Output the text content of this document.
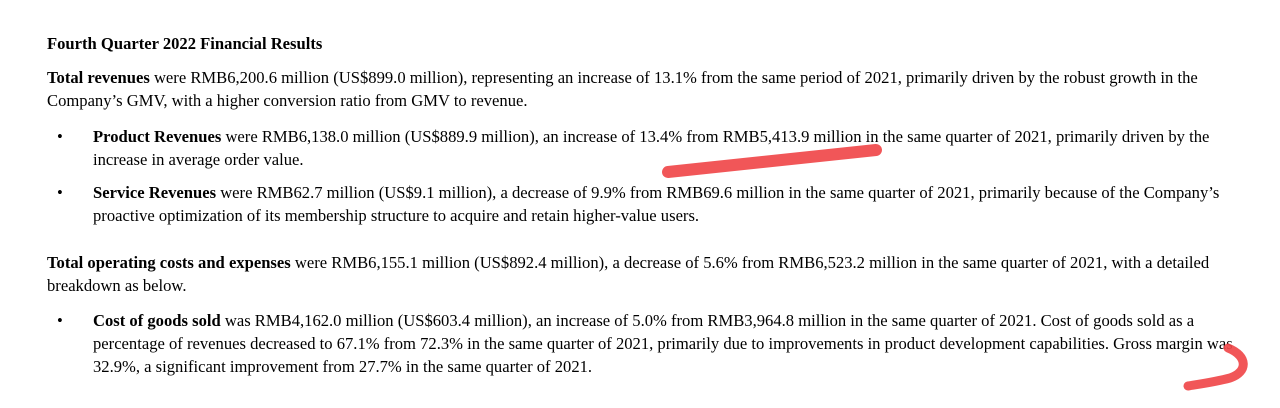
Fourth Quarter 2022 Financial Results

Total revenues were RMB6,200.6 million (US$899.0 million), representing an increase of 13.1% from the same period of 2021, primarily driven by the robust growth in the Company’s GMV, with a higher conversion ratio from GMV to revenue.

• Product Revenues were RMB6,138.0 million (US$889.9 million), an increase of 13.4% from RMB5,413.9 million in the same quarter of 2021, primarily driven by the increase in average order value.
• Service Revenues were RMB62.7 million (US$9.1 million), a decrease of 9.9% from RMB69.6 million in the same quarter of 2021, primarily because of the Company’s proactive optimization of its membership structure to acquire and retain higher-value users.

Total operating costs and expenses were RMB6,155.1 million (US$892.4 million), a decrease of 5.6% from RMB6,523.2 million in the same quarter of 2021, with a detailed breakdown as below.

• Cost of goods sold was RMB4,162.0 million (US$603.4 million), an increase of 5.0% from RMB3,964.8 million in the same quarter of 2021. Cost of goods sold as a percentage of revenues decreased to 67.1% from 72.3% in the same quarter of 2021, primarily due to improvements in product development capabilities. Gross margin was 32.9%, a significant improvement from 27.7% in the same quarter of 2021.
